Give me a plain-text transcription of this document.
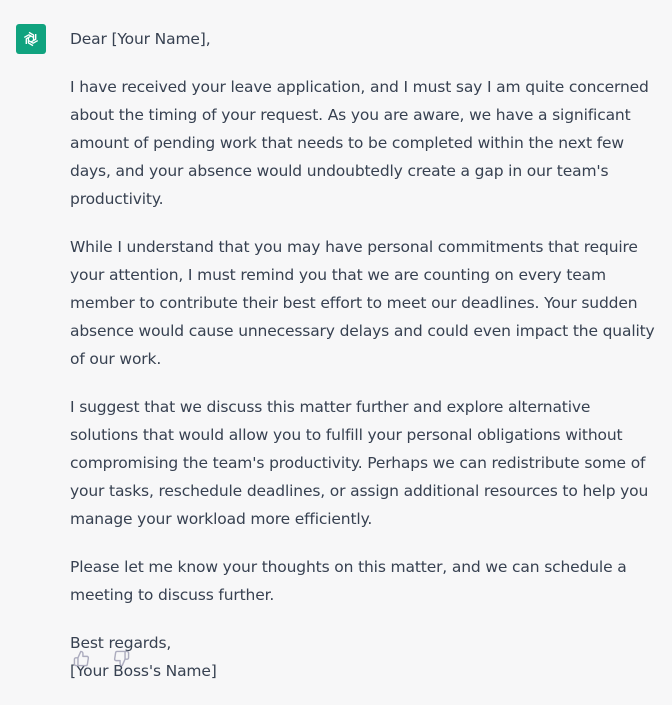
Dear [Your Name],

I have received your leave application, and I must say I am quite concerned about the timing of your request. As you are aware, we have a significant amount of pending work that needs to be completed within the next few days, and your absence would undoubtedly create a gap in our team's productivity.

While I understand that you may have personal commitments that require your attention, I must remind you that we are counting on every team member to contribute their best effort to meet our deadlines. Your sudden absence would cause unnecessary delays and could even impact the quality of our work.

I suggest that we discuss this matter further and explore alternative solutions that would allow you to fulfill your personal obligations without compromising the team's productivity. Perhaps we can redistribute some of your tasks, reschedule deadlines, or assign additional resources to help you manage your workload more efficiently.

Please let me know your thoughts on this matter, and we can schedule a meeting to discuss further.

Best regards,
[Your Boss's Name]
